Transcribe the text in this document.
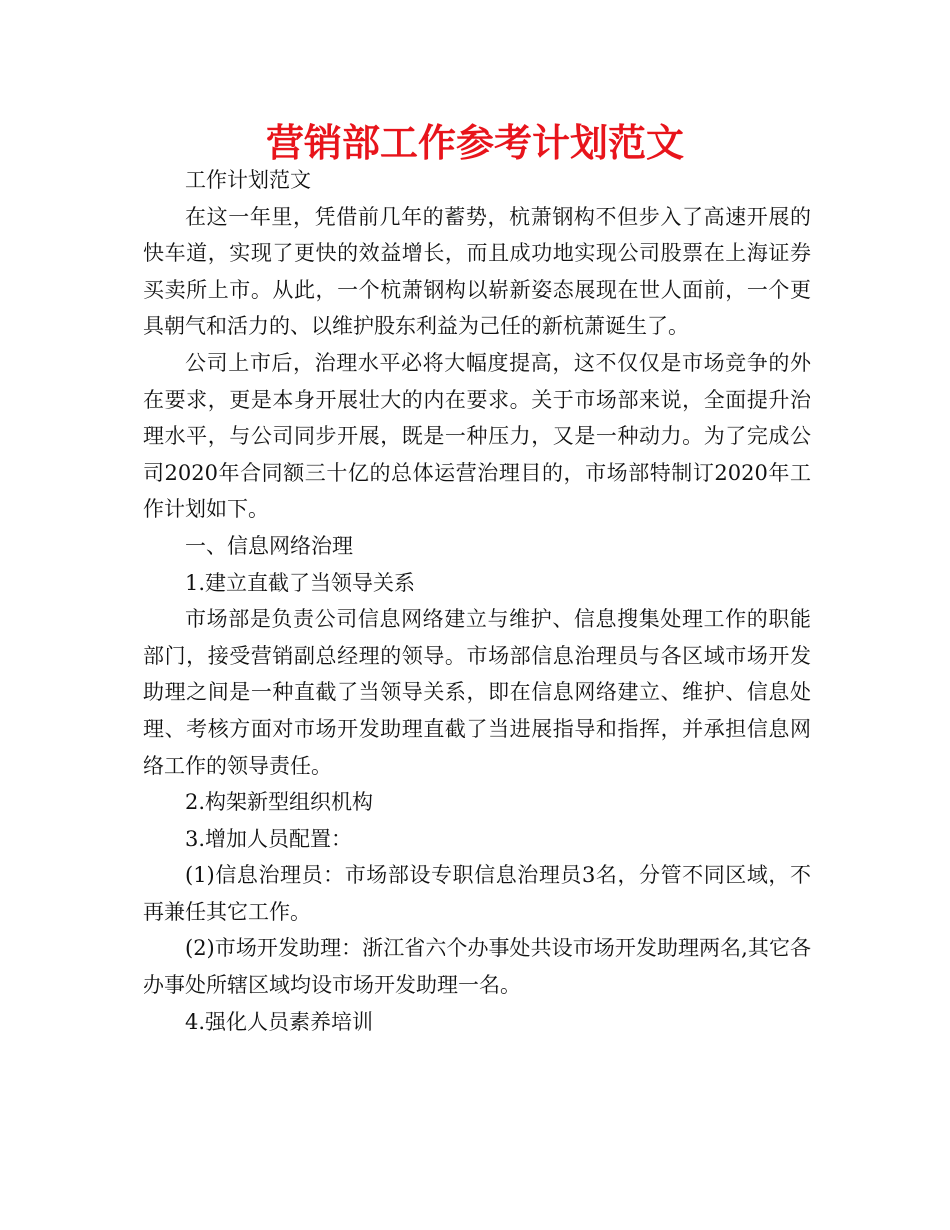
营销部工作参考计划范文

工作计划范文

在这一年里，凭借前几年的蓄势，杭萧钢构不但步入了高速开展的快车道，实现了更快的效益增长，而且成功地实现公司股票在上海证券买卖所上市。从此，一个杭萧钢构以崭新姿态展现在世人面前，一个更具朝气和活力的、以维护股东利益为己任的新杭萧诞生了。

公司上市后，治理水平必将大幅度提高，这不仅仅是市场竞争的外在要求，更是本身开展壮大的内在要求。关于市场部来说，全面提升治理水平，与公司同步开展，既是一种压力，又是一种动力。为了完成公司2020年合同额三十亿的总体运营治理目的，市场部特制订2020年工作计划如下。

一、信息网络治理

1.建立直截了当领导关系

市场部是负责公司信息网络建立与维护、信息搜集处理工作的职能部门，接受营销副总经理的领导。市场部信息治理员与各区域市场开发助理之间是一种直截了当领导关系，即在信息网络建立、维护、信息处理、考核方面对市场开发助理直截了当进展指导和指挥，并承担信息网络工作的领导责任。

2.构架新型组织机构

3.增加人员配置：

(1)信息治理员：市场部设专职信息治理员3名，分管不同区域，不再兼任其它工作。

(2)市场开发助理：浙江省六个办事处共设市场开发助理两名,其它各办事处所辖区域均设市场开发助理一名。

4.强化人员素养培训
